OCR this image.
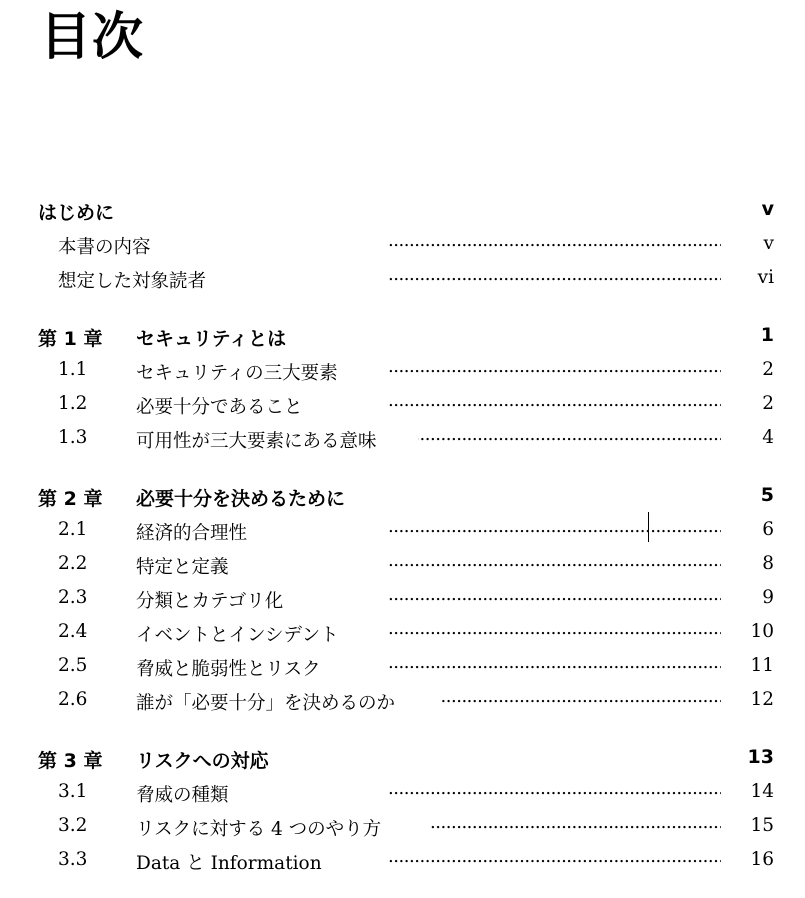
目次
はじめに	v
本書の内容 . .	v
想定した対象読者 . .	vi
第 1 章 セキュリティとは	1
1.1	セキュリティの三大要素 . .	2
1.2	必要十分であること . .	2
1.3	可用性が三大要素にある意味 . .	4
第 2 章 必要十分を決めるために	5
2.1	経済的合理性 . .	6
2.2	特定と定義 . .	8
2.3	分類とカテゴリ化 . .	9
2.4	イベントとインシデント . .	10
2.5	脅威と脆弱性とリスク . .	11
2.6	誰が「必要十分」を決めるのか . .	12
第 3 章 リスクへの対応	13
3.1	脅威の種類 . .	14
3.2	リスクに対する 4 つのやり方 . .	15
3.3	Data と Information . .	16
